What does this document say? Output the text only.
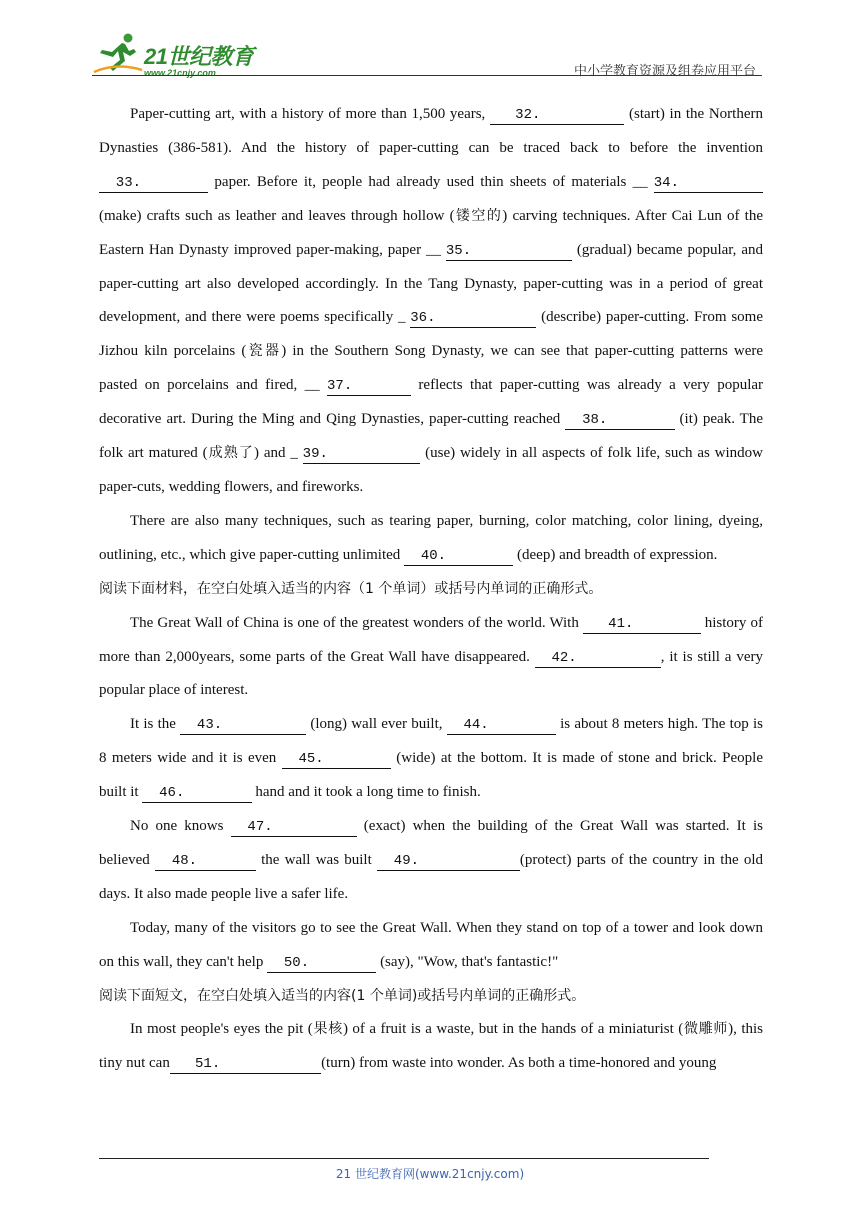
21世纪教育
www.21cnjy.com	中小学教育资源及组卷应用平台

Paper-cutting art, with a history of more than 1,500 years,    32.           (start) in the Northern Dynasties (386-581). And the history of paper-cutting can be traced back to before the invention   33.         paper. Before it, people had already used thin sheets of materials __ 34.           (make) crafts such as leather and leaves through hollow (镂空的) carving techniques. After Cai Lun of the Eastern Han Dynasty improved paper-making, paper __ 35.             (gradual) became popular, and paper-cutting art also developed accordingly. In the Tang Dynasty, paper-cutting was in a period of great development, and there were poems specifically _ 36.             (describe) paper-cutting. From some Jizhou kiln porcelains (瓷器) in the Southern Song Dynasty, we can see that paper-cutting patterns were pasted on porcelains and fired, __ 37.        reflects that paper-cutting was already a very popular decorative art. During the Ming and Qing Dynasties, paper-cutting reached   38.         (it) peak. The folk art matured (成熟了) and _ 39.            (use) widely in all aspects of folk life, such as window paper-cuts, wedding flowers, and fireworks.

There are also many techniques, such as tearing paper, burning, color matching, color lining, dyeing, outlining, etc., which give paper-cutting unlimited   40.         (deep) and breadth of expression.

阅读下面材料，在空白处填入适当的内容（1 个单词）或括号内单词的正确形式。

The Great Wall of China is one of the greatest wonders of the world. With    41.         history of more than 2,000years, some parts of the Great Wall have disappeared.   42.          , it is still a very popular place of interest.

It is the   43.           (long) wall ever built,   44.         is about 8 meters high. The top is 8 meters wide and it is even   45.         (wide) at the bottom. It is made of stone and brick. People built it   46.         hand and it took a long time to finish.

No one knows   47.           (exact) when the building of the Great Wall was started. It is believed   48.        the wall was built   49.            (protect) parts of the country in the old days. It also made people live a safer life.

Today, many of the visitors go to see the Great Wall. When they stand on top of a tower and look down on this wall, they can't help   50.         (say), "Wow, that's fantastic!"

阅读下面短文，在空白处填入适当的内容(1 个单词)或括号内单词的正确形式。

In most people's eyes the pit (果核) of a fruit is a waste, but in the hands of a miniaturist (微雕师), this tiny nut can   51.            (turn) from waste into wonder. As both a time-honored and young

21 世纪教育网(www.21cnjy.com)
